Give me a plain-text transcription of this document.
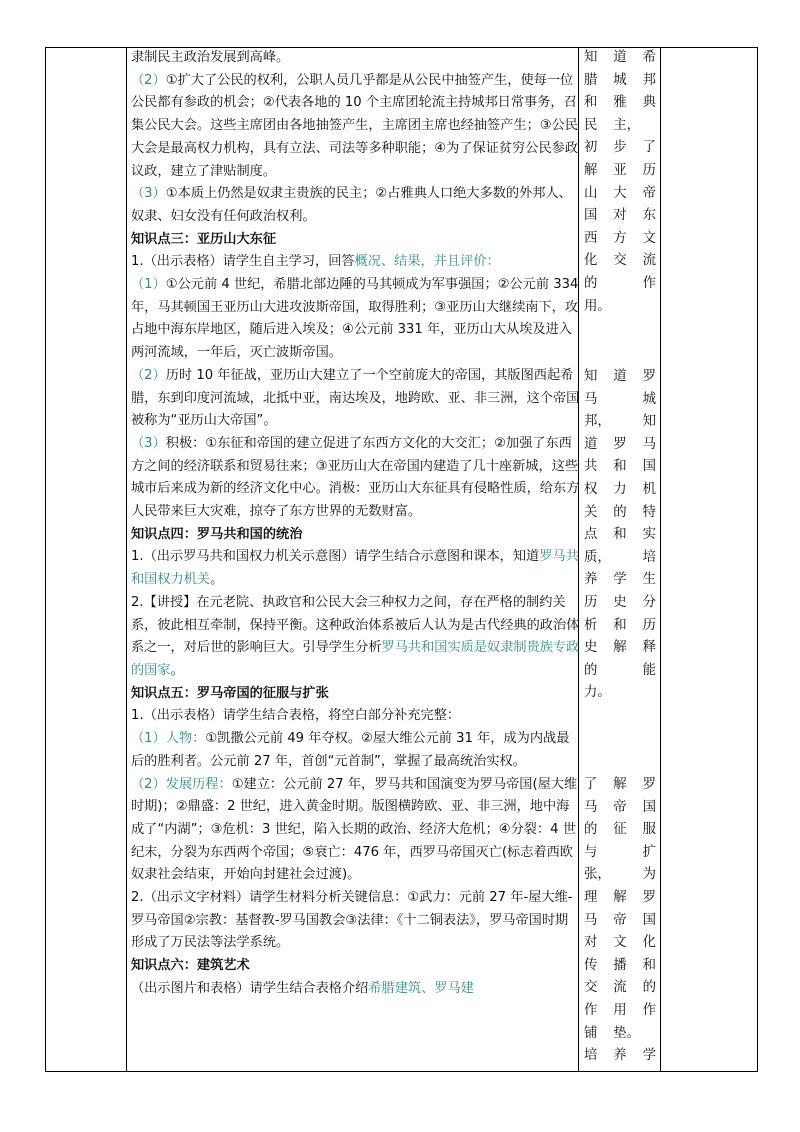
隶制民主政治发展到高峰。

（2）①扩大了公民的权利，公职人员几乎都是从公民中抽签产生，使每一位公民都有参政的机会；②代表各地的 10 个主席团轮流主持城邦日常事务，召集公民大会。这些主席团由各地抽签产生，主席团主席也经抽签产生；③公民大会是最高权力机构，具有立法、司法等多种职能；④为了保证贫穷公民参政议政，建立了津贴制度。

（3）①本质上仍然是奴隶主贵族的民主；②占雅典人口绝大多数的外邦人、奴隶、妇女没有任何政治权利。

知识点三：亚历山大东征

1.（出示表格）请学生自主学习，回答概况、结果，并且评价：

（1）①公元前 4 世纪，希腊北部边陲的马其顿成为军事强国；②公元前 334 年，马其顿国王亚历山大进攻波斯帝国，取得胜利；③亚历山大继续南下，攻占地中海东岸地区，随后进入埃及；④公元前 331 年，亚历山大从埃及进入两河流域，一年后，灭亡波斯帝国。

（2）历时 10 年征战，亚历山大建立了一个空前庞大的帝国，其版图西起希腊，东到印度河流域，北抵中亚，南达埃及，地跨欧、亚、非三洲，这个帝国被称为“亚历山大帝国”。

（3）积极：①东征和帝国的建立促进了东西方文化的大交汇；②加强了东西方之间的经济联系和贸易往来；③亚历山大在帝国内建造了几十座新城，这些城市后来成为新的经济文化中心。消极：亚历山大东征具有侵略性质，给东方人民带来巨大灾难，掠夺了东方世界的无数财富。

知识点四：罗马共和国的统治

1.（出示罗马共和国权力机关示意图）请学生结合示意图和课本，知道罗马共和国权力机关。

2.【讲授】在元老院、执政官和公民大会三种权力之间，存在严格的制约关系，彼此相互牵制，保持平衡。这种政治体系被后人认为是古代经典的政治体系之一，对后世的影响巨大。引导学生分析罗马共和国实质是奴隶制贵族专政的国家。

知识点五：罗马帝国的征服与扩张

1.（出示表格）请学生结合表格，将空白部分补充完整：

（1）人物：①凯撒公元前 49 年夺权。②屋大维公元前 31 年，成为内战最后的胜利者。公元前 27 年，首创“元首制”，掌握了最高统治实权。

（2）发展历程：①建立：公元前 27 年，罗马共和国演变为罗马帝国(屋大维时期)；②鼎盛：2 世纪，进入黄金时期。版图横跨欧、亚、非三洲，地中海成了“内湖”；③危机：3 世纪，陷入长期的政治、经济大危机；④分裂：4 世纪末，分裂为东西两个帝国；⑤衰亡：476 年，西罗马帝国灭亡(标志着西欧奴隶社会结束，开始向封建社会过渡)。

2.（出示文字材料）请学生材料分析关键信息：①武力：元前 27 年-屋大维-罗马帝国②宗教：基督教-罗马国教会③法律：《十二铜表法》，罗马帝国时期形成了万民法等法学系统。

知识点六：建筑艺术

（出示图片和表格）请学生结合表格介绍希腊建筑、罗马建

知 道 希
腊 城 邦
和 雅 典
民 主，
初 步 了
解 亚 历
山 大 帝
国 对 东
西 方 文
化 交 流
的	作
用。
知 道 罗
马	城
邦， 知
道 罗 马
共 和 国
权 力 机
关 的 特
点 和 实
质， 培
养 学 生
历 史 分
析 和 历
史 解 释
的	能
力。
了 解 罗
马 帝 国
的 征 服
与	扩
张， 为
理 解 罗
马 帝 国
对 文 化
传 播 和
交 流 的
作 用 作
铺 垫。
培 养 学
